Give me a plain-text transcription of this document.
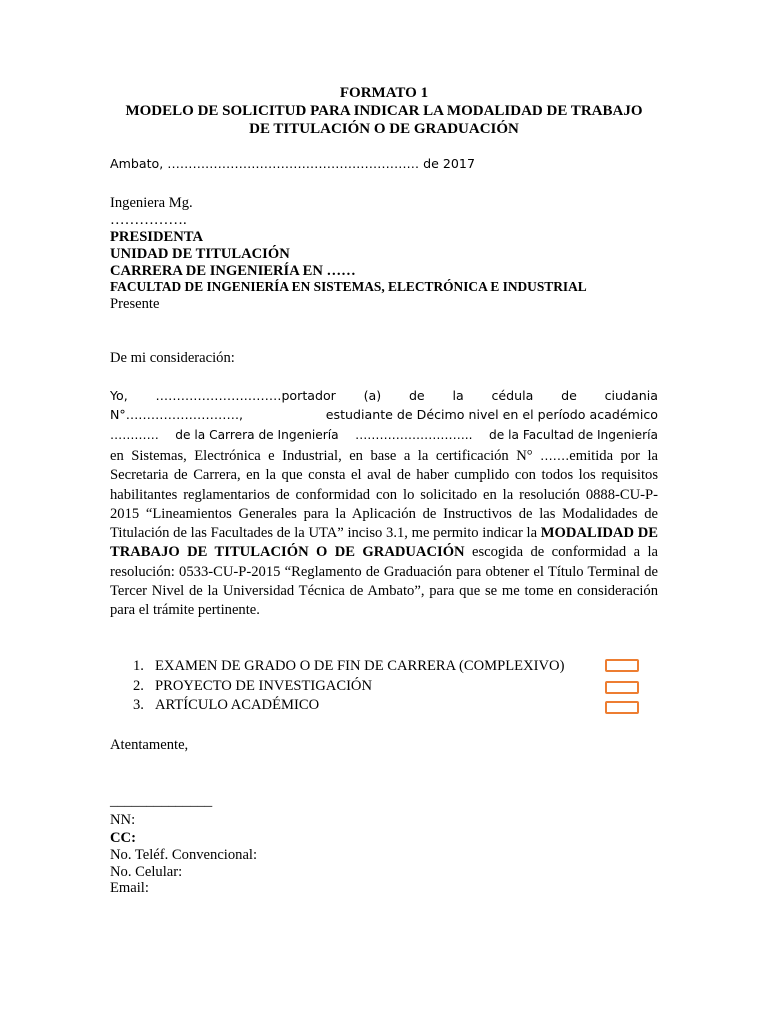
FORMATO 1
MODELO DE SOLICITUD PARA INDICAR LA MODALIDAD DE TRABAJO
DE TITULACIÓN O DE GRADUACIÓN
Ambato, …………………………………………………… de 2017
Ingeniera Mg.
…………….
PRESIDENTA
UNIDAD DE TITULACIÓN
CARRERA DE INGENIERÍA EN ……
FACULTAD DE INGENIERÍA EN SISTEMAS, ELECTRÓNICA E INDUSTRIAL
Presente
De mi consideración:
Yo, …………………………portador (a) de la cédula de ciudania
N°………………………,	estudiante de Décimo nivel en el período académico
………… de la Carrera de Ingeniería ……………………….. de la Facultad de Ingeniería
en Sistemas, Electrónica e Industrial, en base a la certificación N° …….emitida por la Secretaria de Carrera, en la que consta el aval de haber cumplido con todos los requisitos habilitantes reglamentarios de conformidad con lo solicitado en la resolución 0888-CU-P-2015 “Lineamientos Generales para la Aplicación de Instructivos de las Modalidades de Titulación de las Facultades de la UTA” inciso 3.1, me permito indicar la MODALIDAD DE TRABAJO DE TITULACIÓN O DE GRADUACIÓN escogida de conformidad a la resolución: 0533-CU-P-2015 “Reglamento de Graduación para obtener el Título Terminal de Tercer Nivel de la Universidad Técnica de Ambato”, para que se me tome en consideración para el trámite pertinente.
1. EXAMEN DE GRADO O DE FIN DE CARRERA (COMPLEXIVO)
2. PROYECTO DE INVESTIGACIÓN
3. ARTÍCULO ACADÉMICO
Atentamente,
______________
NN:
CC:
No. Teléf. Convencional:
No. Celular:
Email:
